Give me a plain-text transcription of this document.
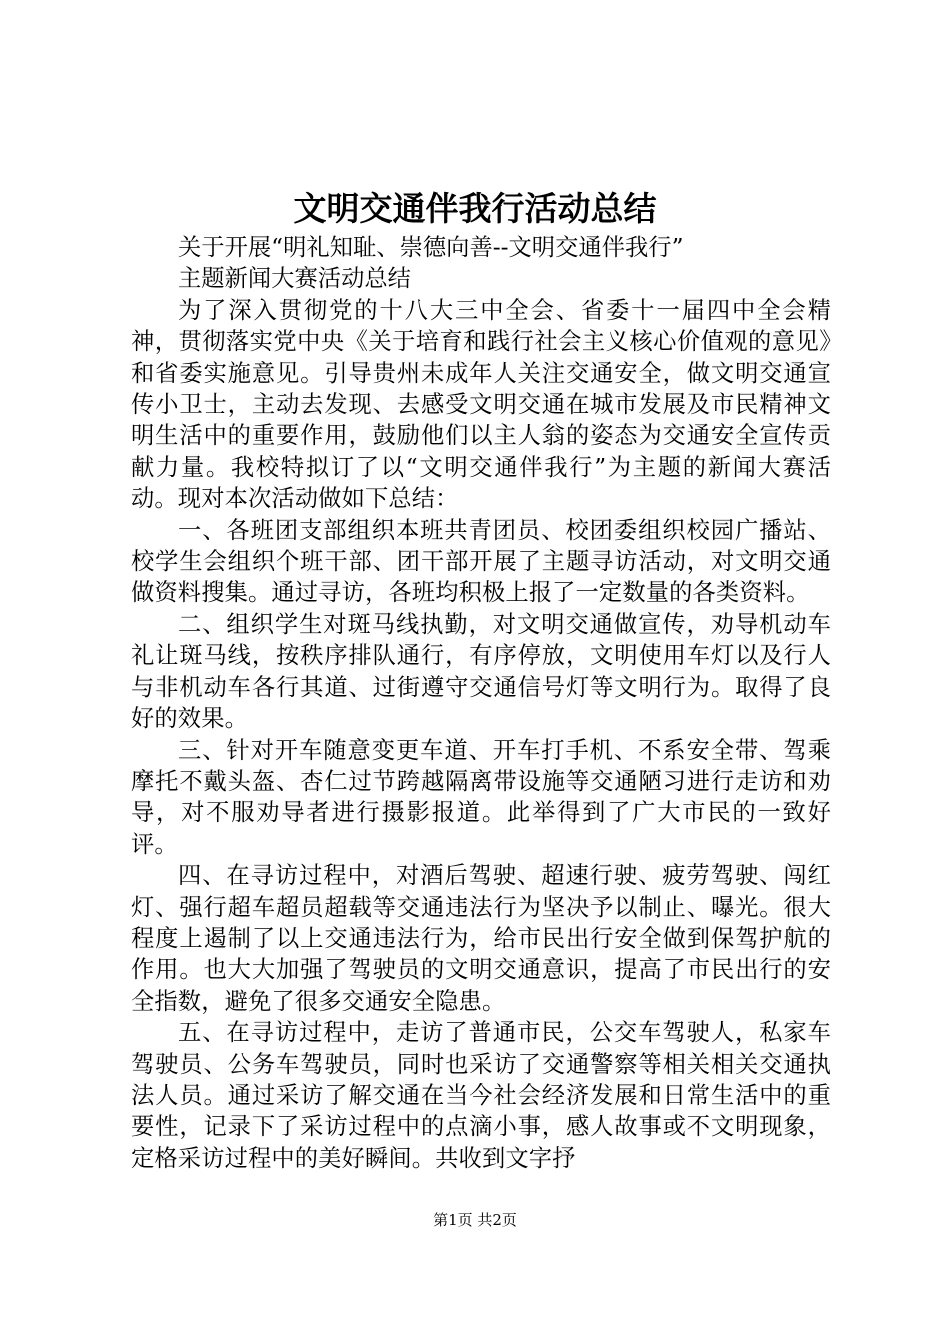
文明交通伴我行活动总结

关于开展“明礼知耻、崇德向善--文明交通伴我行”

主题新闻大赛活动总结

为了深入贯彻党的十八大三中全会、省委十一届四中全会精神，贯彻落实党中央《关于培育和践行社会主义核心价值观的意见》和省委实施意见。引导贵州未成年人关注交通安全，做文明交通宣传小卫士，主动去发现、去感受文明交通在城市发展及市民精神文明生活中的重要作用，鼓励他们以主人翁的姿态为交通安全宣传贡献力量。我校特拟订了以“文明交通伴我行”为主题的新闻大赛活动。现对本次活动做如下总结：

一、各班团支部组织本班共青团员、校团委组织校园广播站、校学生会组织个班干部、团干部开展了主题寻访活动，对文明交通做资料搜集。通过寻访，各班均积极上报了一定数量的各类资料。

二、组织学生对斑马线执勤，对文明交通做宣传，劝导机动车礼让斑马线，按秩序排队通行，有序停放，文明使用车灯以及行人与非机动车各行其道、过街遵守交通信号灯等文明行为。取得了良好的效果。

三、针对开车随意变更车道、开车打手机、不系安全带、驾乘摩托不戴头盔、杏仁过节跨越隔离带设施等交通陋习进行走访和劝导，对不服劝导者进行摄影报道。此举得到了广大市民的一致好评。

四、在寻访过程中，对酒后驾驶、超速行驶、疲劳驾驶、闯红灯、强行超车超员超载等交通违法行为坚决予以制止、曝光。很大程度上遏制了以上交通违法行为，给市民出行安全做到保驾护航的作用。也大大加强了驾驶员的文明交通意识，提高了市民出行的安全指数，避免了很多交通安全隐患。

五、在寻访过程中，走访了普通市民，公交车驾驶人，私家车驾驶员、公务车驾驶员，同时也采访了交通警察等相关相关交通执法人员。通过采访了解交通在当今社会经济发展和日常生活中的重要性，记录下了采访过程中的点滴小事，感人故事或不文明现象，定格采访过程中的美好瞬间。共收到文字抒

第1页 共2页
